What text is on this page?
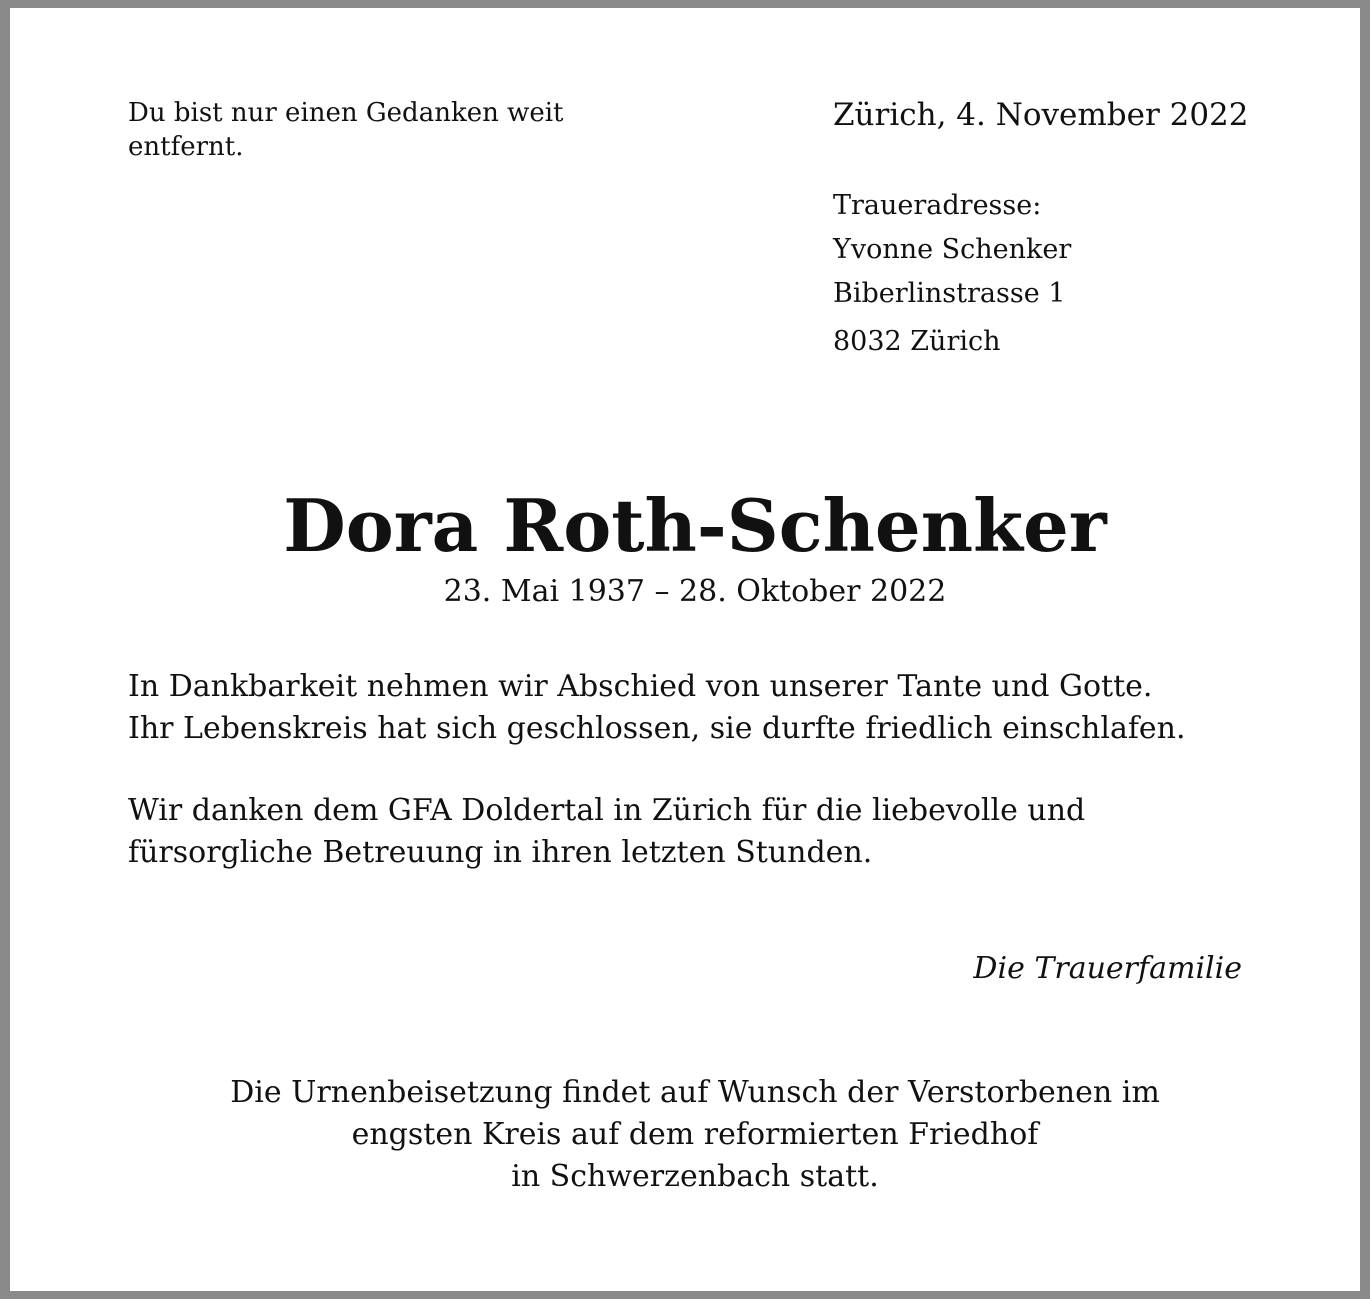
Du bist nur einen Gedanken weit entfernt.
Zürich, 4. November 2022
Traueradresse:
Yvonne Schenker
Biberlinstrasse 1
8032 Zürich
Dora Roth-Schenker
23. Mai 1937 – 28. Oktober 2022
In Dankbarkeit nehmen wir Abschied von unserer Tante und Gotte.
Ihr Lebenskreis hat sich geschlossen, sie durfte friedlich einschlafen.
Wir danken dem GFA Doldertal in Zürich für die liebevolle und
fürsorgliche Betreuung in ihren letzten Stunden.
Die Trauerfamilie
Die Urnenbeisetzung findet auf Wunsch der Verstorbenen im
engsten Kreis auf dem reformierten Friedhof
in Schwerzenbach statt.
